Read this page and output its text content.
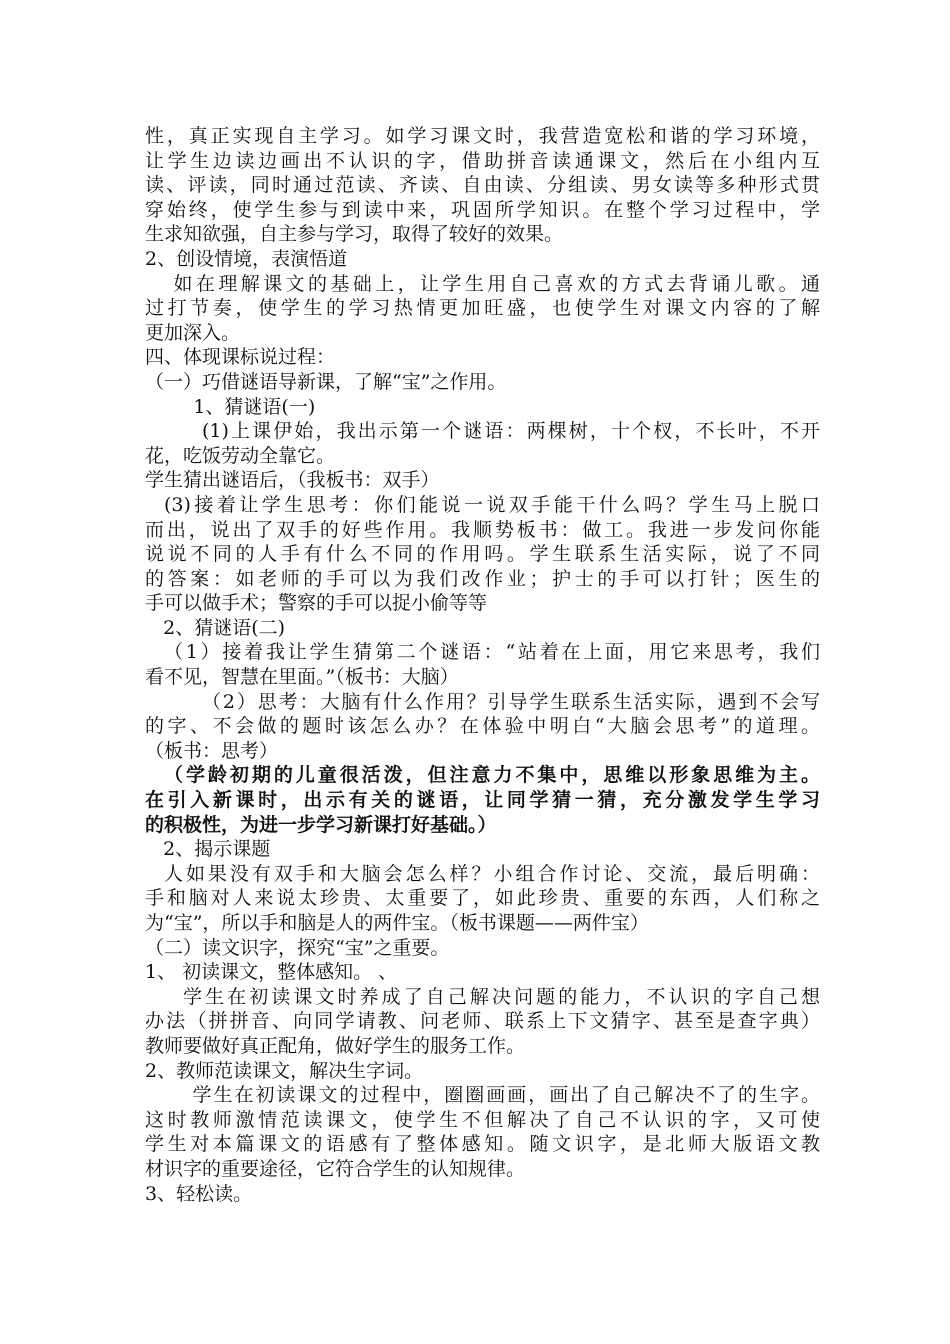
性，真正实现自主学习。如学习课文时，我营造宽松和谐的学习环境，
让学生边读边画出不认识的字，借助拼音读通课文，然后在小组内互
读、评读，同时通过范读、齐读、自由读、分组读、男女读等多种形式贯
穿始终，使学生参与到读中来，巩固所学知识。在整个学习过程中，学
生求知欲强，自主参与学习，取得了较好的效果。
2、创设情境，表演悟道
如在理解课文的基础上，让学生用自己喜欢的方式去背诵儿歌。通
过打节奏，使学生的学习热情更加旺盛，也使学生对课文内容的了解
更加深入。
四、体现课标说过程：
（一）巧借谜语导新课，了解“宝”之作用。
1、猜谜语(一)
(1)上课伊始，我出示第一个谜语：两棵树，十个杈，不长叶，不开
花，吃饭劳动全靠它。
学生猜出谜语后，（我板书：双手）
(3)接着让学生思考：你们能说一说双手能干什么吗？学生马上脱口
而出，说出了双手的好些作用。我顺势板书：做工。我进一步发问你能
说说不同的人手有什么不同的作用吗。学生联系生活实际，说了不同
的答案：如老师的手可以为我们改作业；护士的手可以打针；医生的
手可以做手术；警察的手可以捉小偷等等
2、猜谜语(二)
（1）接着我让学生猜第二个谜语：“站着在上面，用它来思考，我们
看不见，智慧在里面。”（板书：大脑）
（2）思考：大脑有什么作用？引导学生联系生活实际，遇到不会写
的字、不会做的题时该怎么办？在体验中明白“大脑会思考”的道理。
（板书：思考）
（学龄初期的儿童很活泼，但注意力不集中，思维以形象思维为主。
在引入新课时，出示有关的谜语，让同学猜一猜，充分激发学生学习
的积极性，为进一步学习新课打好基础。）
2、揭示课题
人如果没有双手和大脑会怎么样？小组合作讨论、交流，最后明确：
手和脑对人来说太珍贵、太重要了，如此珍贵、重要的东西，人们称之
为“宝”，所以手和脑是人的两件宝。（板书课题——两件宝）
（二）读文识字，探究“宝”之重要。
1、 初读课文，整体感知。 、
学生在初读课文时养成了自己解决问题的能力，不认识的字自己想
办法（拼拼音、向同学请教、问老师、联系上下文猜字、甚至是查字典）
教师要做好真正配角，做好学生的服务工作。
2、教师范读课文，解决生字词。
学生在初读课文的过程中，圈圈画画，画出了自己解决不了的生字。
这时教师激情范读课文，使学生不但解决了自己不认识的字，又可使
学生对本篇课文的语感有了整体感知。随文识字，是北师大版语文教
材识字的重要途径，它符合学生的认知规律。
3、轻松读。
